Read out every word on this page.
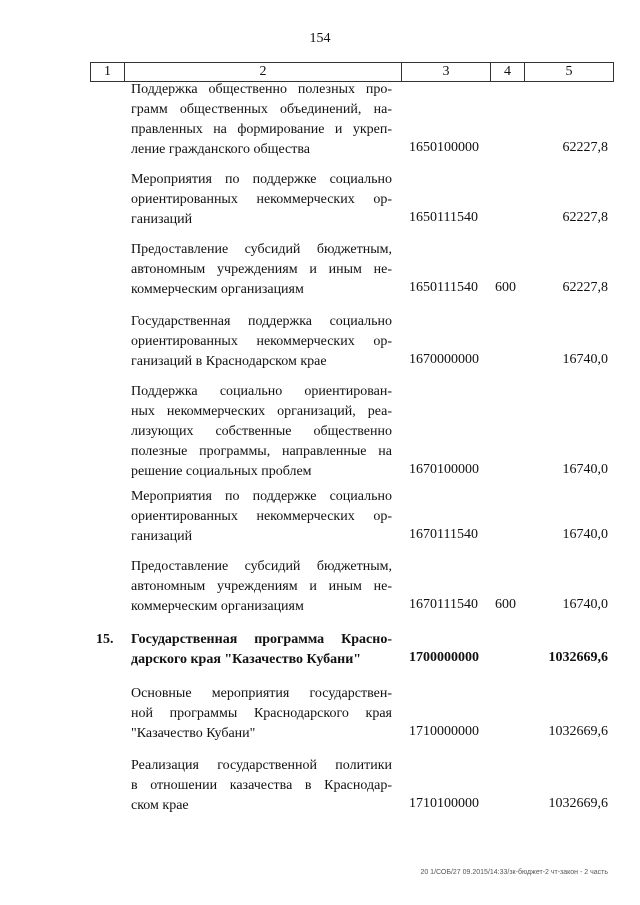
154
1	2	3	4	5
Поддержка общественно полезных про-
грамм общественных объединений, на-
правленных на формирование и укреп-
ление гражданского общества	1650100000	62227,8
Мероприятия по поддержке социально
ориентированных некоммерческих ор-
ганизаций	1650111540	62227,8
Предоставление субсидий бюджетным,
автономным учреждениям и иным не-
коммерческим организациям	1650111540 600	62227,8
Государственная поддержка социально
ориентированных некоммерческих ор-
ганизаций в Краснодарском крае	1670000000	16740,0
Поддержка социально ориентирован-
ных некоммерческих организаций, реа-
лизующих собственные общественно
полезные программы, направленные на
решение социальных проблем	1670100000	16740,0
Мероприятия по поддержке социально
ориентированных некоммерческих ор-
ганизаций	1670111540	16740,0
Предоставление субсидий бюджетным,
автономным учреждениям и иным не-
коммерческим организациям	1670111540 600	16740,0
15. Государственная программа Красно-
дарского края "Казачество Кубани"	1700000000	1032669,6
Основные мероприятия государствен-
ной программы Краснодарского края
"Казачество Кубани"	1710000000	1032669,6
Реализация государственной политики
в отношении казачества в Краснодар-
ском крае	1710100000	1032669,6
20 1/СОБ/27 09.2015/14:33/зк-бюджет-2 чт-закон - 2 часть
